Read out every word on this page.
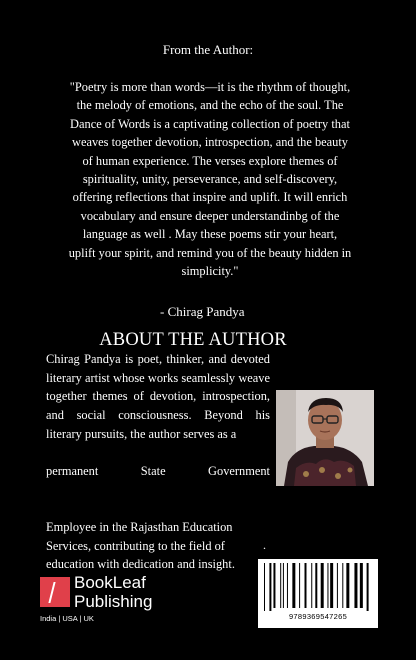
From the Author:
"Poetry is more than words—it is the rhythm of thought,
the melody of emotions, and the echo of the soul. The
Dance of Words is a captivating collection of poetry that
weaves together devotion, introspection, and the beauty
of human experience. The verses explore themes of
spirituality, unity, perseverance, and self-discovery,
offering reflections that inspire and uplift. It will enrich
vocabulary and ensure deeper understandinbg of the
language as well . May these poems stir your heart,
uplift your spirit, and remind you of the beauty hidden in
simplicity."
- Chirag Pandya
ABOUT THE AUTHOR
Chirag Pandya is poet, thinker, and devoted literary artist whose works seamlessly weave together themes of devotion, introspection, and social consciousness. Beyond his literary pursuits, the author serves as a
permanent State Government
Employee in the Rajasthan Education Services, contributing to the field of education with dedication and insight.
.
BookLeaf
Publishing
India | USA | UK	9789369547265
